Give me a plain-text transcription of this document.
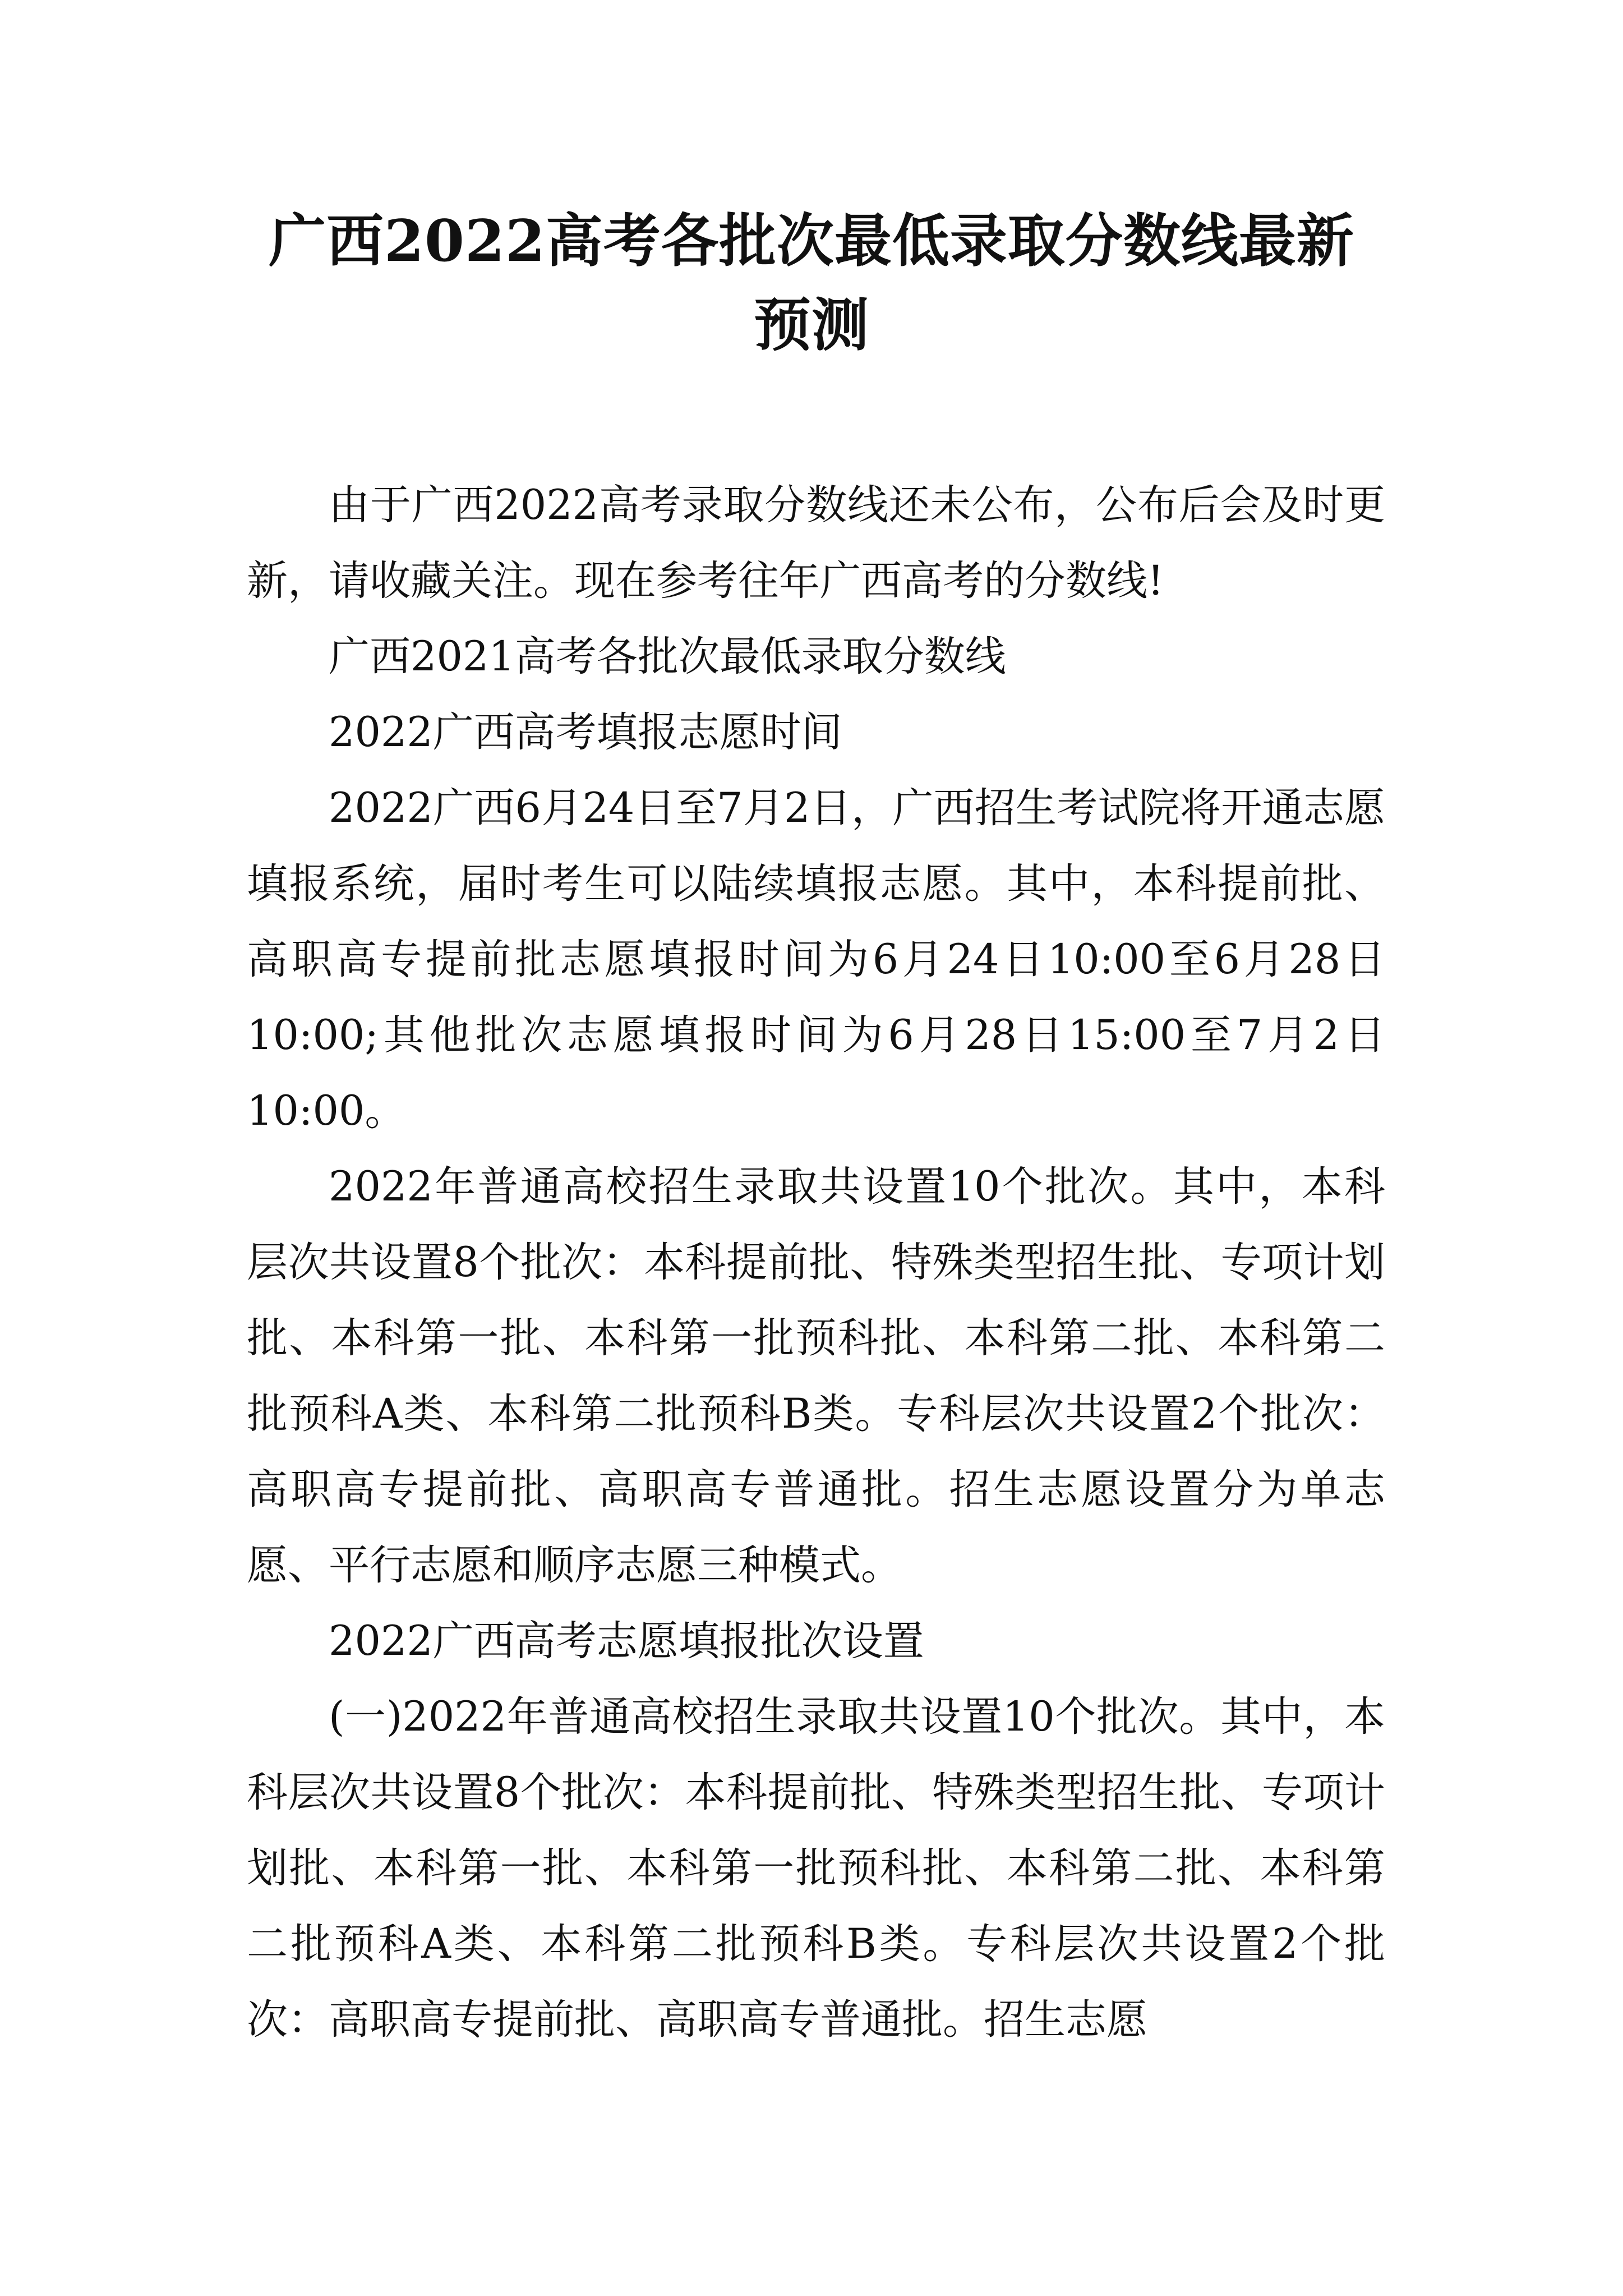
广西2022高考各批次最低录取分数线最新预测

由于广西2022高考录取分数线还未公布，公布后会及时更新，请收藏关注。现在参考往年广西高考的分数线!

广西2021高考各批次最低录取分数线

2022广西高考填报志愿时间

2022广西6月24日至7月2日，广西招生考试院将开通志愿填报系统，届时考生可以陆续填报志愿。其中，本科提前批、高职高专提前批志愿填报时间为6月24日10:00至6月28日10:00;其他批次志愿填报时间为6月28日15:00至7月2日10:00。

2022年普通高校招生录取共设置10个批次。其中，本科层次共设置8个批次：本科提前批、特殊类型招生批、专项计划批、本科第一批、本科第一批预科批、本科第二批、本科第二批预科A类、本科第二批预科B类。专科层次共设置2个批次：高职高专提前批、高职高专普通批。招生志愿设置分为单志愿、平行志愿和顺序志愿三种模式。

2022广西高考志愿填报批次设置

(一)2022年普通高校招生录取共设置10个批次。其中，本科层次共设置8个批次：本科提前批、特殊类型招生批、专项计划批、本科第一批、本科第一批预科批、本科第二批、本科第二批预科A类、本科第二批预科B类。专科层次共设置2个批次：高职高专提前批、高职高专普通批。招生志愿
